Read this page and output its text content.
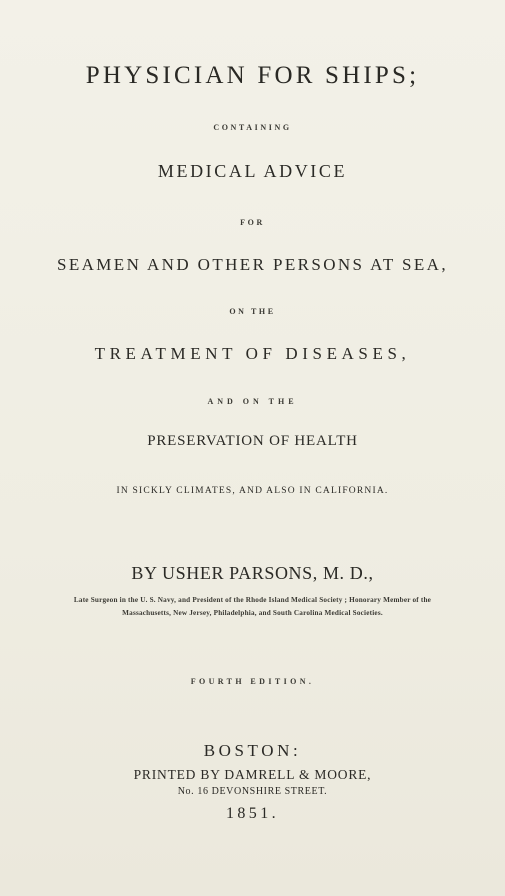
PHYSICIAN FOR SHIPS;
CONTAINING
MEDICAL ADVICE
FOR
SEAMEN AND OTHER PERSONS AT SEA,
ON THE
TREATMENT OF DISEASES,
AND ON THE
PRESERVATION OF HEALTH
IN SICKLY CLIMATES, AND ALSO IN CALIFORNIA.
BY USHER PARSONS, M. D.,
Late Surgeon in the U. S. Navy, and President of the Rhode Island Medical Society ; Honorary Member of the
Massachusetts, New Jersey, Philadelphia, and South Carolina Medical Societies.
FOURTH EDITION.
BOSTON:
PRINTED BY DAMRELL & MOORE,
No. 16 DEVONSHIRE STREET.
1851.
